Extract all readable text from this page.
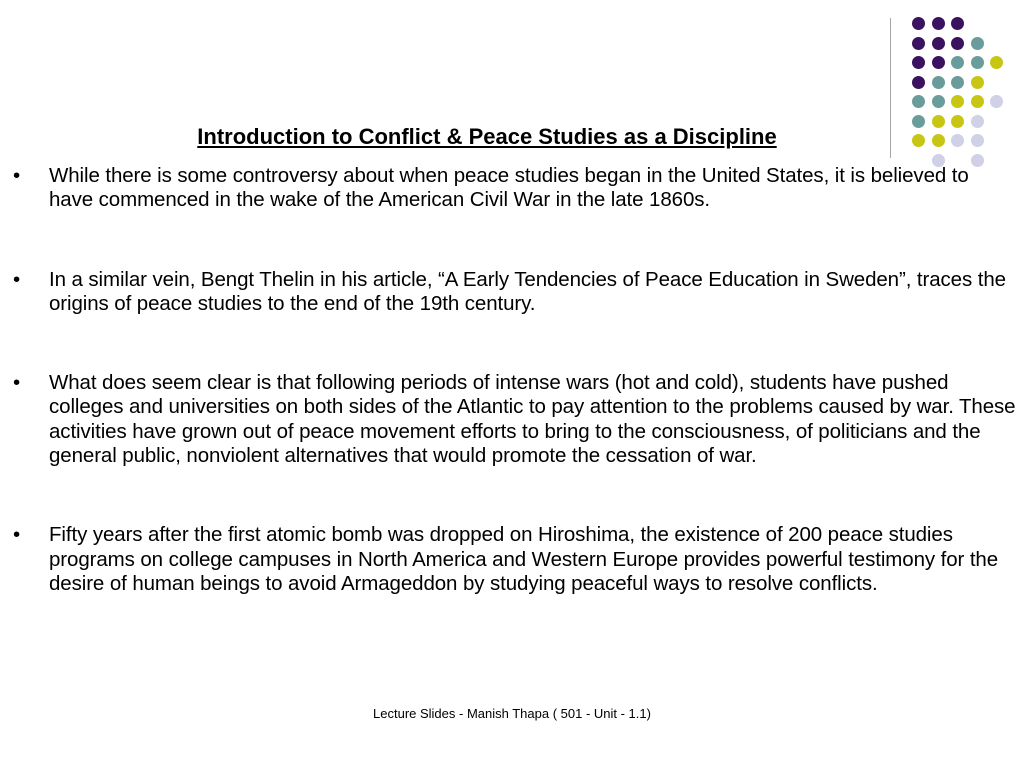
Introduction to Conflict & Peace Studies as a Discipline
• While there is some controversy about when peace studies began in the United States, it is believed to have commenced in the wake of the American Civil War in the late 1860s.
• In a similar vein, Bengt Thelin in his article, “A Early Tendencies of Peace Education in Sweden”, traces the origins of peace studies to the end of the 19th century.
• What does seem clear is that following periods of intense wars (hot and cold), students have pushed colleges and universities on both sides of the Atlantic to pay attention to the problems caused by war. These activities have grown out of peace movement efforts to bring to the consciousness, of politicians and the general public, nonviolent alternatives that would promote the cessation of war.
• Fifty years after the first atomic bomb was dropped on Hiroshima, the existence of 200 peace studies programs on college campuses in North America and Western Europe provides powerful testimony for the desire of human beings to avoid Armageddon by studying peaceful ways to resolve conflicts.
Lecture Slides - Manish Thapa ( 501 - Unit - 1.1)
